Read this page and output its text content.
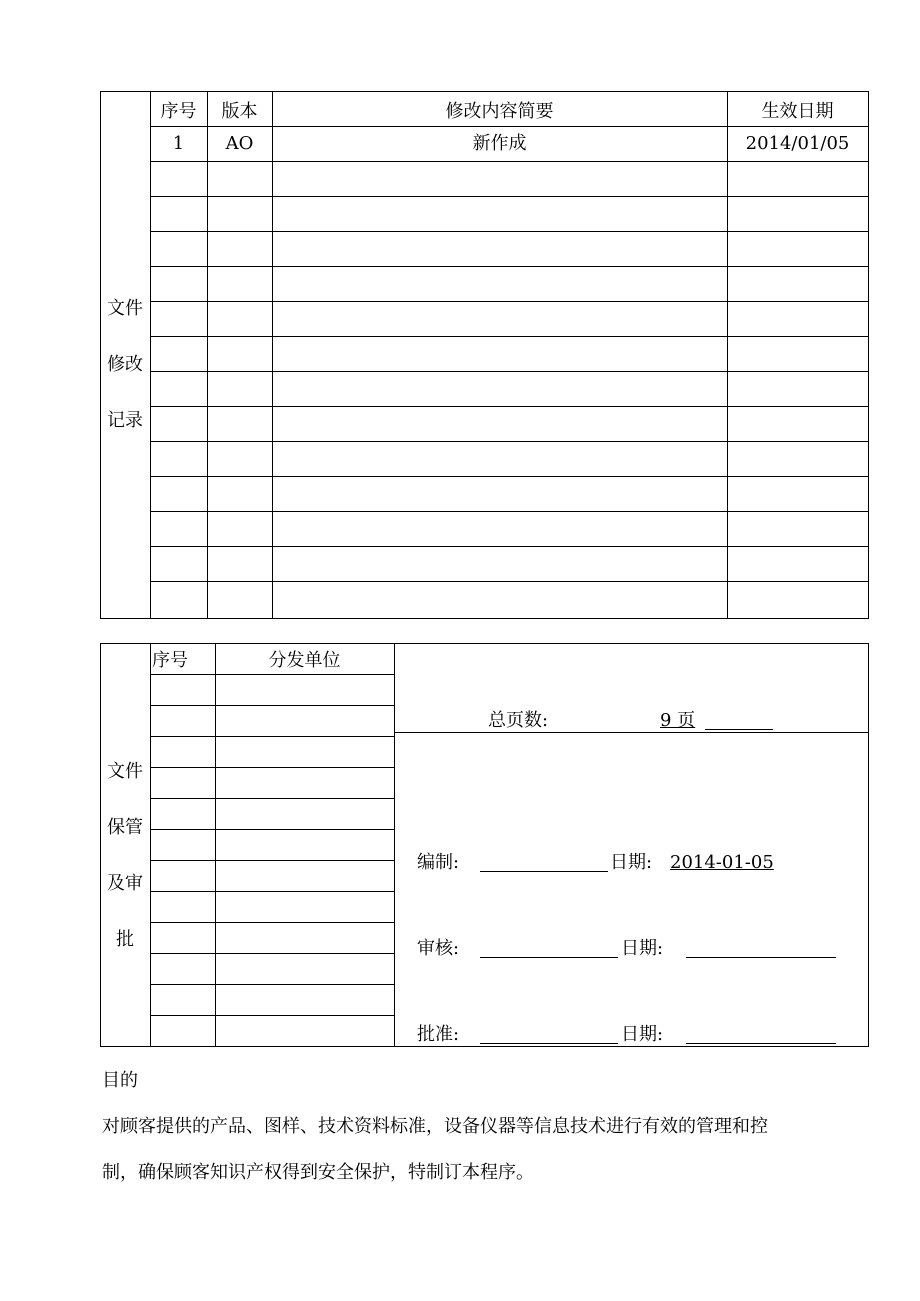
文件
修改
记录
序号	版本	修改内容简要	生效日期
1	AO	新作成	2014/01/05
文件
保管
及审
批
序号	分发单位
总页数:	9 页
编制:	日期: 2014-01-05
审核:	日期:
批准:	日期:
目的
对顾客提供的产品、图样、技术资料标准，设备仪器等信息技术进行有效的管理和控
制，确保顾客知识产权得到安全保护，特制订本程序。
